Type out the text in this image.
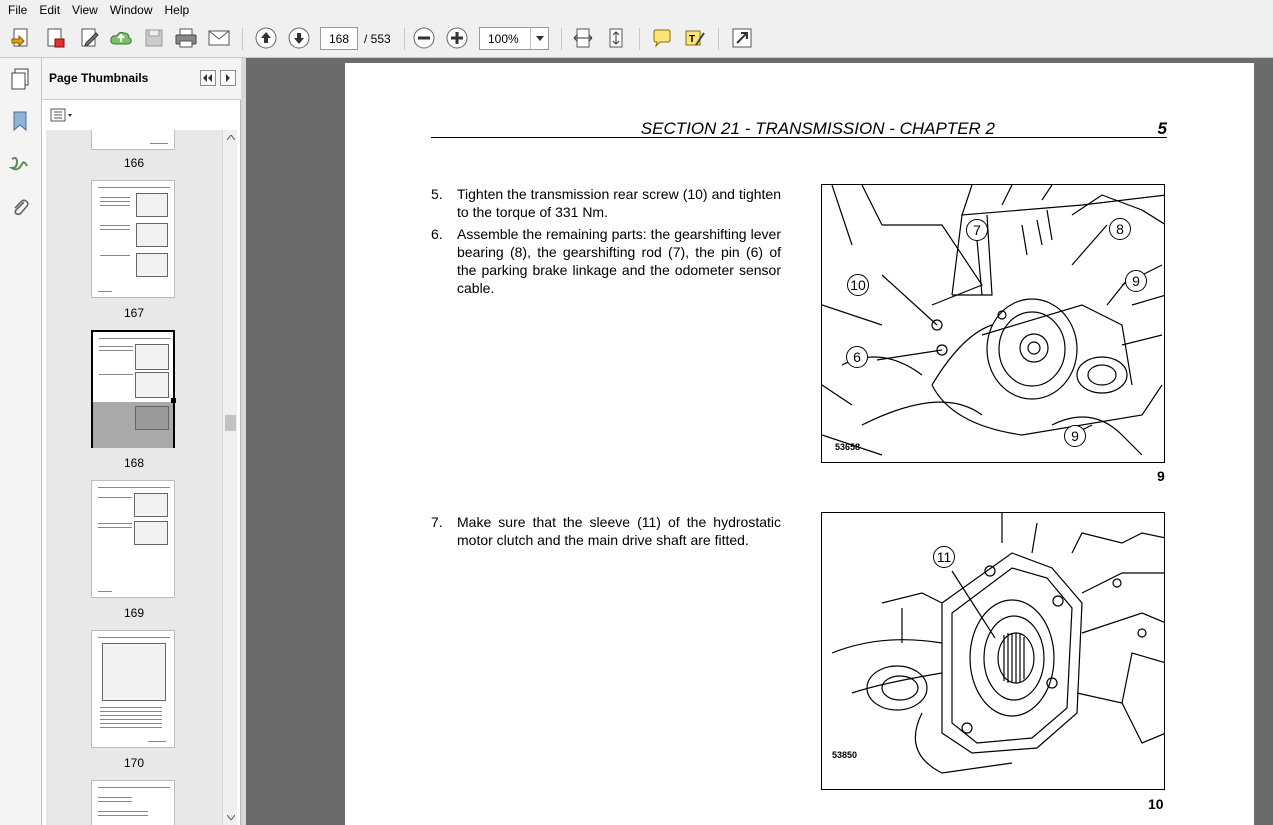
File	Edit	View	Window	Help
168
/ 553	100%	T
Page Thumbnails
166
167
168
169
170
SECTION 21 - TRANSMISSION - CHAPTER 2	5
5. Tighten the transmission rear screw (10) and tighten to the torque of 331 Nm.
6. Assemble the remaining parts: the gearshifting lever bearing (8), the gearshifting rod (7), the pin (6) of the parking brake linkage and the odometer sensor cable.
7. Make sure that the sleeve (11) of the hydrostatic motor clutch and the main drive shaft are fitted.
7	8
10	9
6
9
53658
9
11
53850
10
